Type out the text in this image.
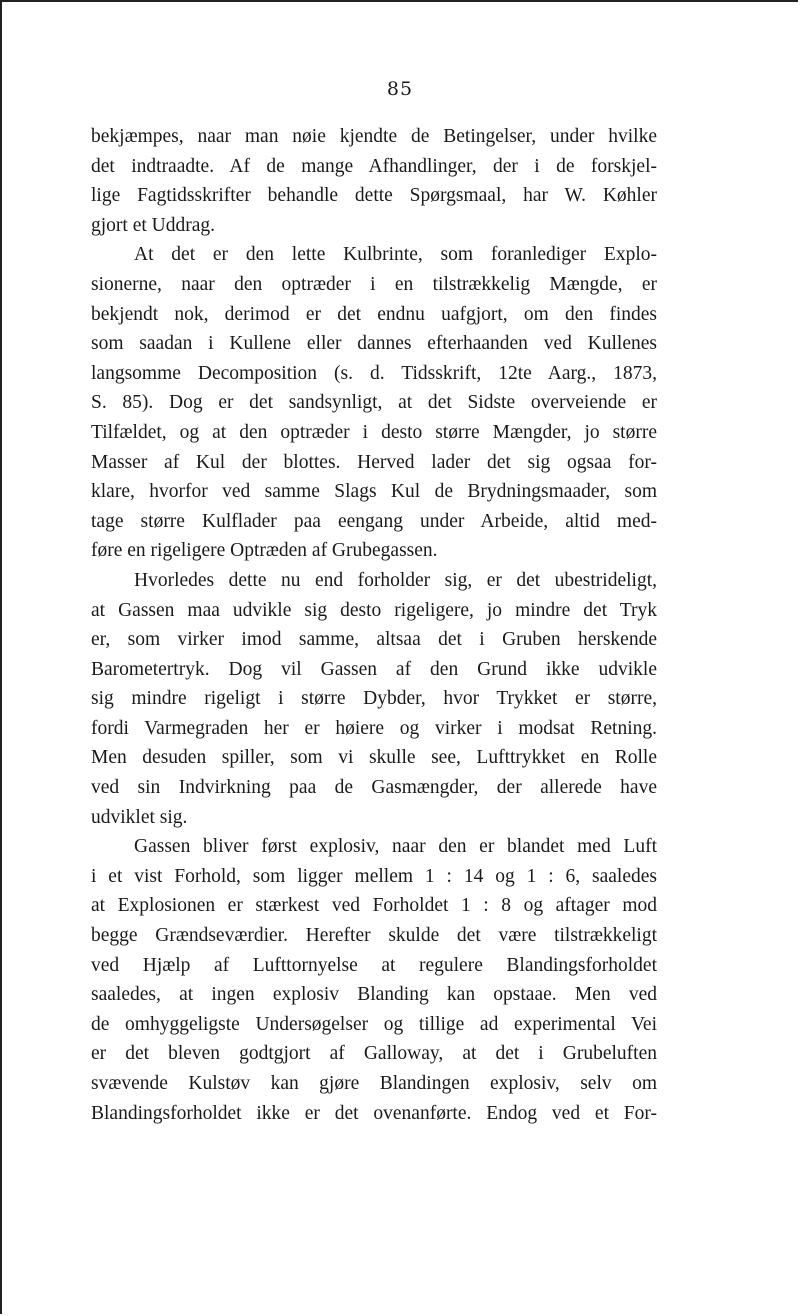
85
bekjæmpes, naar man nøie kjendte de Betingelser, under hvilke
det indtraadte. Af de mange Afhandlinger, der i de forskjel-
lige Fagtidsskrifter behandle dette Spørgsmaal, har W. Køhler
gjort et Uddrag.
At det er den lette Kulbrinte, som foranlediger Explo-
sionerne, naar den optræder i en tilstrækkelig Mængde, er
bekjendt nok, derimod er det endnu uafgjort, om den findes
som saadan i Kullene eller dannes efterhaanden ved Kullenes
langsomme Decomposition (s. d. Tidsskrift, 12te Aarg., 1873,
S. 85). Dog er det sandsynligt, at det Sidste overveiende er
Tilfældet, og at den optræder i desto større Mængder, jo større
Masser af Kul der blottes. Herved lader det sig ogsaa for-
klare, hvorfor ved samme Slags Kul de Brydningsmaader, som
tage større Kulflader paa eengang under Arbeide, altid med-
føre en rigeligere Optræden af Grubegassen.
Hvorledes dette nu end forholder sig, er det ubestrideligt,
at Gassen maa udvikle sig desto rigeligere, jo mindre det Tryk
er, som virker imod samme, altsaa det i Gruben herskende
Barometertryk. Dog vil Gassen af den Grund ikke udvikle
sig mindre rigeligt i større Dybder, hvor Trykket er større,
fordi Varmegraden her er høiere og virker i modsat Retning.
Men desuden spiller, som vi skulle see, Lufttrykket en Rolle
ved sin Indvirkning paa de Gasmængder, der allerede have
udviklet sig.
Gassen bliver først explosiv, naar den er blandet med Luft
i et vist Forhold, som ligger mellem 1 : 14 og 1 : 6, saaledes
at Explosionen er stærkest ved Forholdet 1 : 8 og aftager mod
begge Grændseværdier. Herefter skulde det være tilstrækkeligt
ved Hjælp af Lufttornyelse at regulere Blandingsforholdet
saaledes, at ingen explosiv Blanding kan opstaae. Men ved
de omhyggeligste Undersøgelser og tillige ad experimental Vei
er det bleven godtgjort af Galloway, at det i Grubeluften
svævende Kulstøv kan gjøre Blandingen explosiv, selv om
Blandingsforholdet ikke er det ovenanførte. Endog ved et For-
